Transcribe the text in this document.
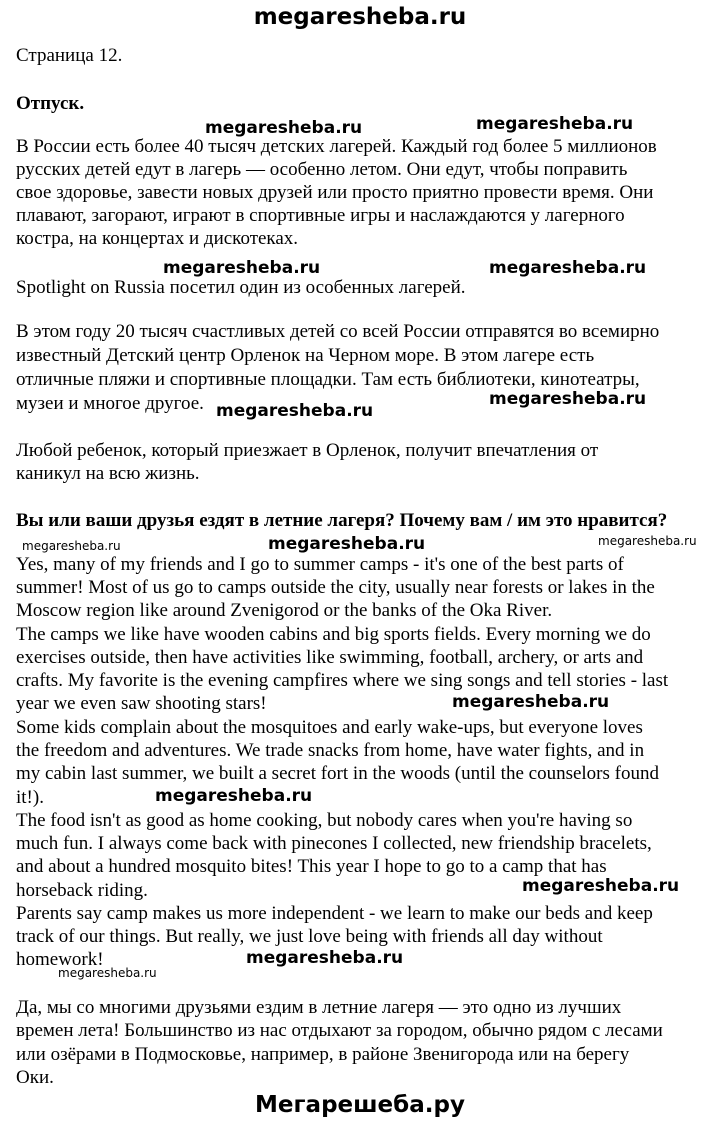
megaresheba.ru
Страница 12.
Отпуск.
В России есть более 40 тысяч детских лагерей. Каждый год более 5 миллионов
русских детей едут в лагерь — особенно летом. Они едут, чтобы поправить
свое здоровье, завести новых друзей или просто приятно провести время. Они
плавают, загорают, играют в спортивные игры и наслаждаются у лагерного
костра, на концертах и дискотеках.
Spotlight on Russia посетил один из особенных лагерей.
В этом году 20 тысяч счастливых детей со всей России отправятся во всемирно
известный Детский центр Орленок на Черном море. В этом лагере есть
отличные пляжи и спортивные площадки. Там есть библиотеки, кинотеатры,
музеи и многое другое.
Любой ребенок, который приезжает в Орленок, получит впечатления от
каникул на всю жизнь.
Вы или ваши друзья ездят в летние лагеря? Почему вам / им это нравится?
Yes, many of my friends and I go to summer camps - it's one of the best parts of
summer! Most of us go to camps outside the city, usually near forests or lakes in the
Moscow region like around Zvenigorod or the banks of the Oka River.
The camps we like have wooden cabins and big sports fields. Every morning we do
exercises outside, then have activities like swimming, football, archery, or arts and
crafts. My favorite is the evening campfires where we sing songs and tell stories - last
year we even saw shooting stars!
Some kids complain about the mosquitoes and early wake-ups, but everyone loves
the freedom and adventures. We trade snacks from home, have water fights, and in
my cabin last summer, we built a secret fort in the woods (until the counselors found
it!).
The food isn't as good as home cooking, but nobody cares when you're having so
much fun. I always come back with pinecones I collected, new friendship bracelets,
and about a hundred mosquito bites! This year I hope to go to a camp that has
horseback riding.
Parents say camp makes us more independent - we learn to make our beds and keep
track of our things. But really, we just love being with friends all day without
homework!
Да, мы со многими друзьями ездим в летние лагеря — это одно из лучших
времен лета! Большинство из нас отдыхают за городом, обычно рядом с лесами
или озёрами в Подмосковье, например, в районе Звенигорода или на берегу
Оки.
megaresheba.ru	megaresheba.ru
megaresheba.ru	megaresheba.ru
megaresheba.ru
megaresheba.ru
megaresheba.ru	megaresheba.ru	megaresheba.ru
megaresheba.ru
megaresheba.ru
megaresheba.ru
megaresheba.ru
megaresheba.ru
Мегарешеба.ру
